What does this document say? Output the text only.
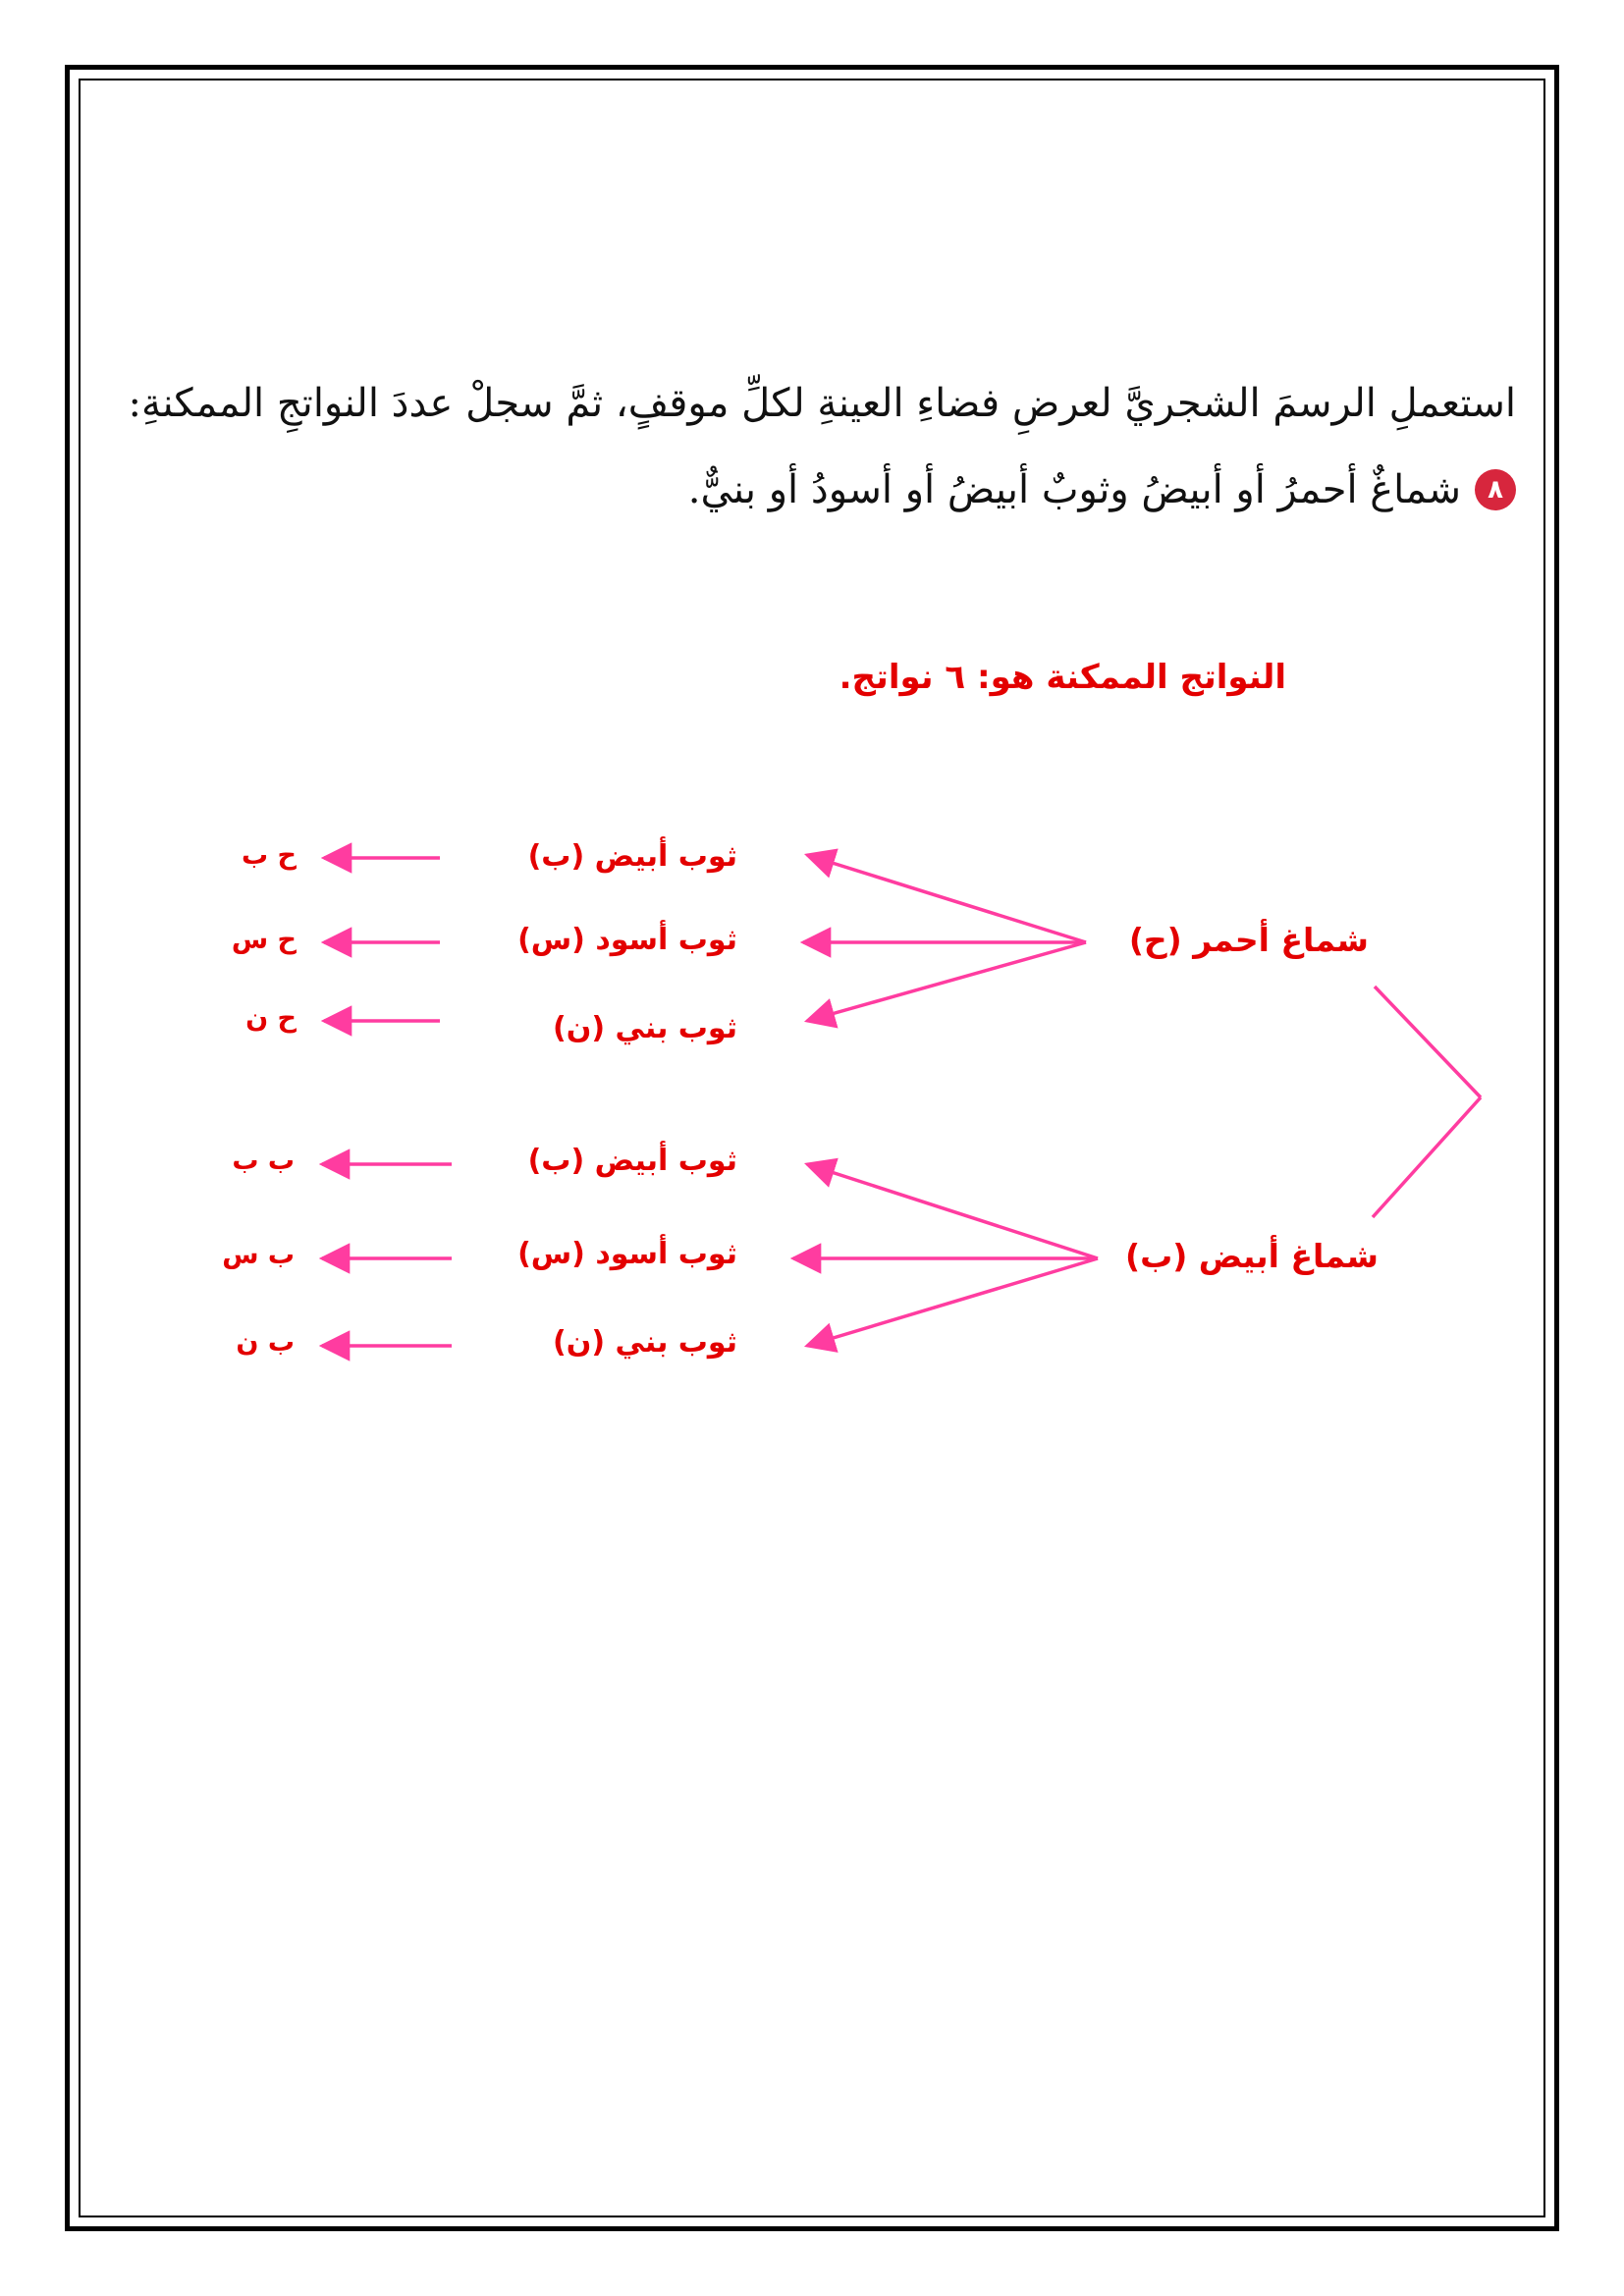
استعملِ الرسمَ الشجريَّ لعرضِ فضاءِ العينةِ لكلِّ موقفٍ، ثمَّ سجلْ عددَ النواتجِ الممكنةِ:
٨
شماغٌ أحمرُ أو أبيضُ وثوبٌ أبيضُ أو أسودُ أو بنيٌّ.
النواتج الممكنة هو: ٦ نواتج.
شماغ أحمر (ح)
شماغ أبيض (ب)
ثوب أبيض (ب)
ثوب أسود (س)
ثوب بني (ن)
ثوب أبيض (ب)
ثوب أسود (س)
ثوب بني (ن)
ح ب
ح س
ح ن
ب ب
ب س
ب ن
